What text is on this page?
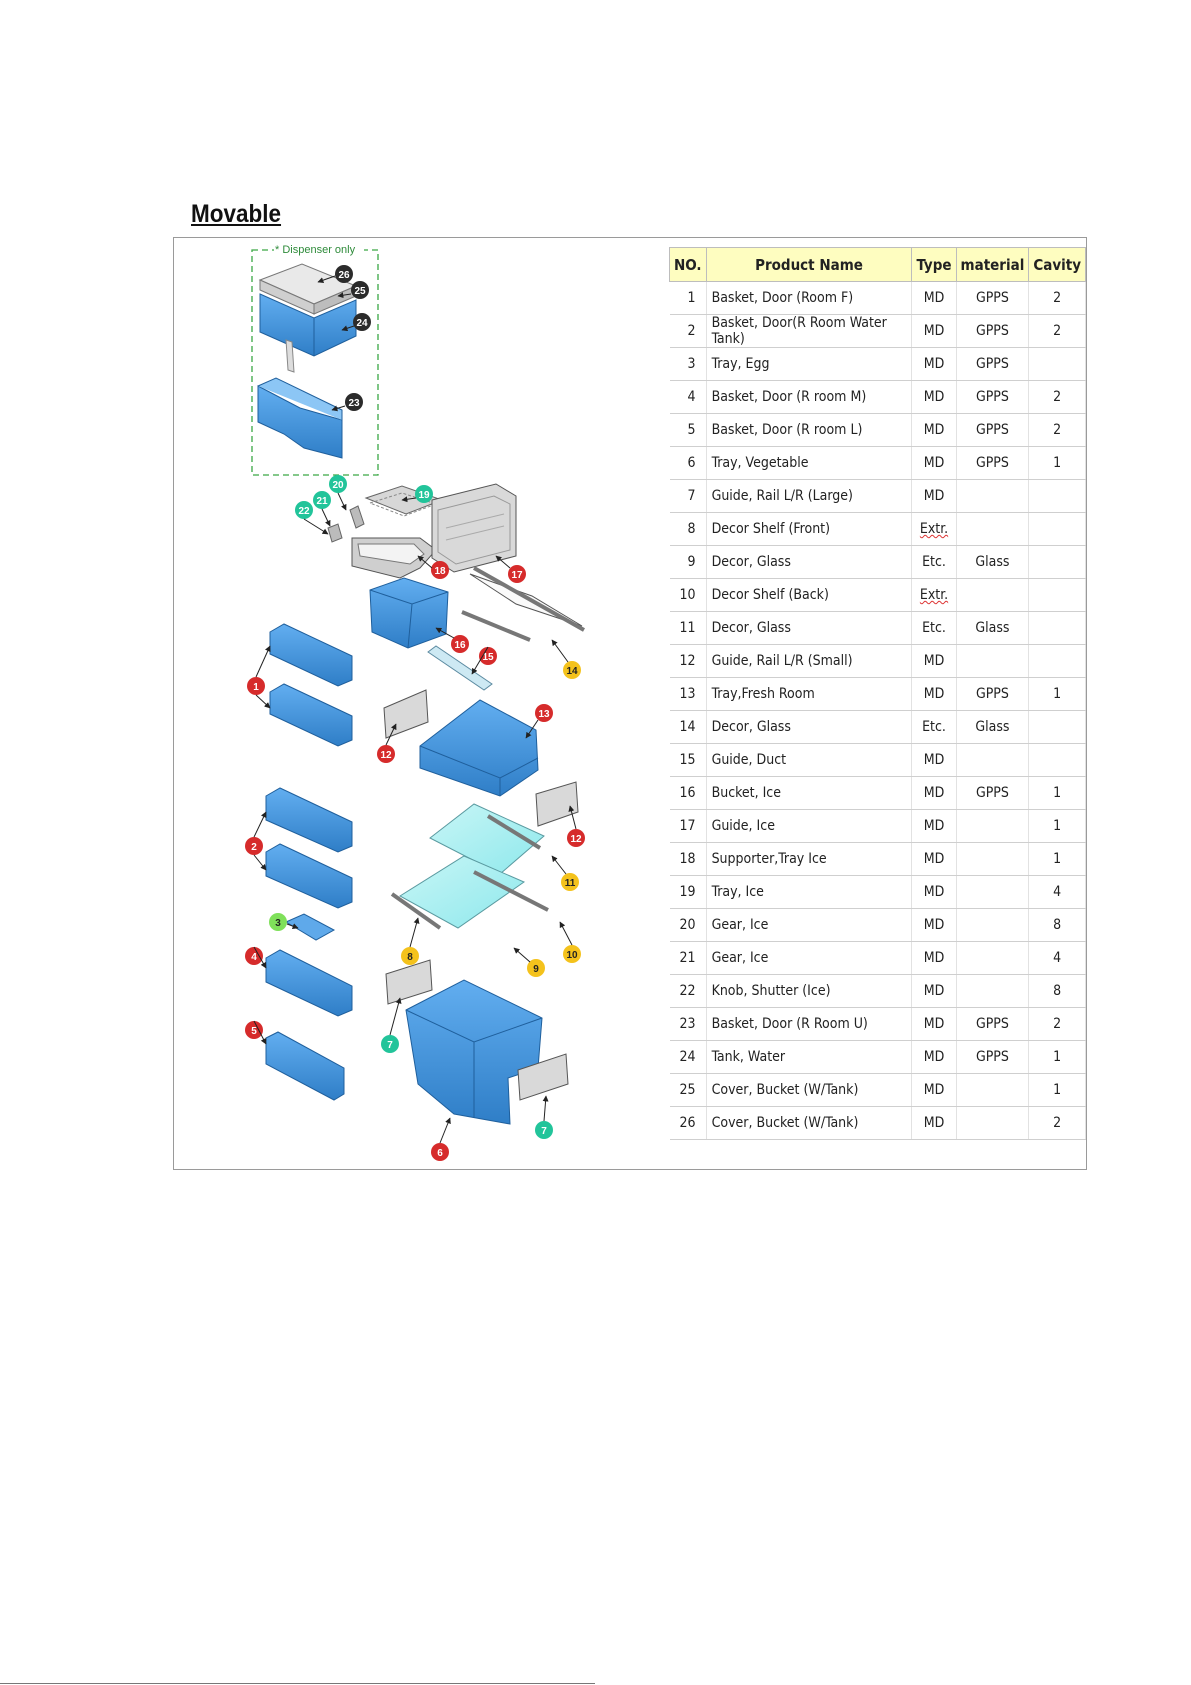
Movable
* Dispenser only
26
25
24
23
20
19
21
22
18	17
16
15
14
1
13
12
12
2
11
3
10
4	8
9
5
7
7
6
NO.	Product Name	Type	material	Cavity
1	Basket, Door (Room F)	MD	GPPS	2
2	Basket, Door(R Room Water Tank)	MD	GPPS	2
3	Tray, Egg	MD	GPPS	
4	Basket, Door (R room M)	MD	GPPS	2
5	Basket, Door (R room L)	MD	GPPS	2
6	Tray, Vegetable	MD	GPPS	1
7	Guide, Rail L/R (Large)	MD		
8	Decor Shelf (Front)	Extr.		
9	Decor, Glass	Etc.	Glass	
10	Decor Shelf (Back)	Extr.		
11	Decor, Glass	Etc.	Glass	
12	Guide, Rail L/R (Small)	MD		
13	Tray,Fresh Room	MD	GPPS	1
14	Decor, Glass	Etc.	Glass	
15	Guide, Duct	MD		
16	Bucket, Ice	MD	GPPS	1
17	Guide, Ice	MD		1
18	Supporter,Tray Ice	MD		1
19	Tray, Ice	MD		4
20	Gear, Ice	MD		8
21	Gear, Ice	MD		4
22	Knob, Shutter (Ice)	MD		8
23	Basket, Door (R Room U)	MD	GPPS	2
24	Tank, Water	MD	GPPS	1
25	Cover, Bucket (W/Tank)	MD		1
26	Cover, Bucket (W/Tank)	MD		2
